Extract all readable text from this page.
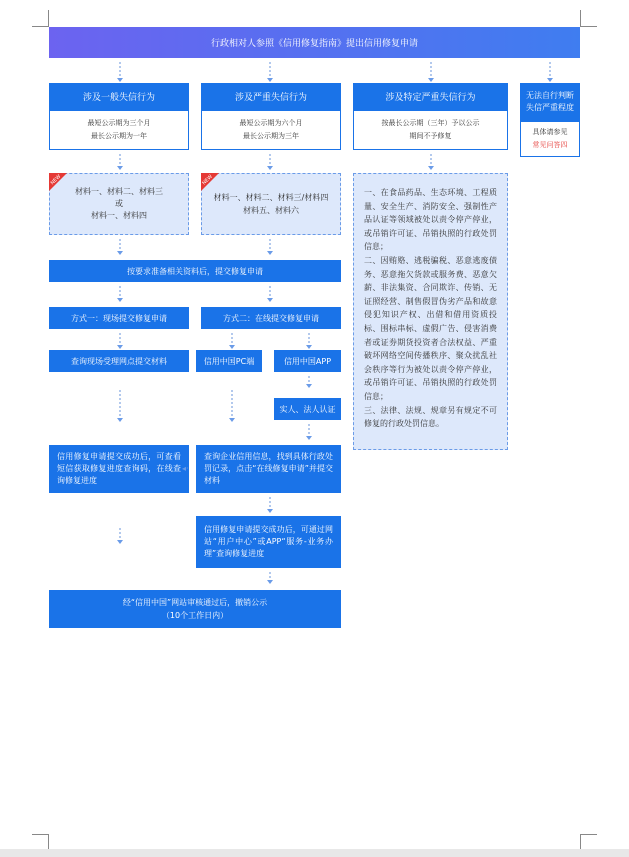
行政相对人参照《信用修复指南》提出信用修复申请
涉及一般失信行为
最短公示期为三个月
最长公示期为一年
涉及严重失信行为
最短公示期为六个月
最长公示期为三年
涉及特定严重失信行为
按最长公示期（三年）予以公示
期间不予修复
无法自行判断
失信严重程度
具体请参见
常见问答四
NEW
材料一、材料二、材料三
或
材料一、材料四
NEW
材料一、材料二、材料三/材料四
材料五、材料六
一、在食品药品、生态环境、工程质量、安全生产、消防安全、强制性产品认证等领域被处以责令停产停业，或吊销许可证、吊销执照的行政处罚信息；
二、因贿赂、逃税骗税、恶意逃废债务、恶意拖欠货款或服务费、恶意欠薪、非法集资、合同欺诈、传销、无证照经营、制售假冒伪劣产品和故意侵犯知识产权、出借和借用资质投标、围标串标、虚假广告、侵害消费者或证券期货投资者合法权益、严重破坏网络空间传播秩序、聚众扰乱社会秩序等行为被处以责令停产停业，或吊销许可证、吊销执照的行政处罚信息；
三、法律、法规、规章另有规定不可修复的行政处罚信息。
按要求准备相关资料后，提交修复申请
方式一：现场提交修复申请	方式二：在线提交修复申请
查询现场受理网点提交材料	信用中国PC端	信用中国APP
实人、法人认证
信用修复申请提交成功后，可查看短信获取修复进度查询码，在线查询修复进度
◂·
查询企业信用信息，找到具体行政处罚记录，点击“在线修复申请”并提交材料
信用修复申请提交成功后，可通过网站“用户中心”或APP“服务-业务办理”查询修复进度
经“信用中国”网站审核通过后，撤销公示
（10个工作日内）
